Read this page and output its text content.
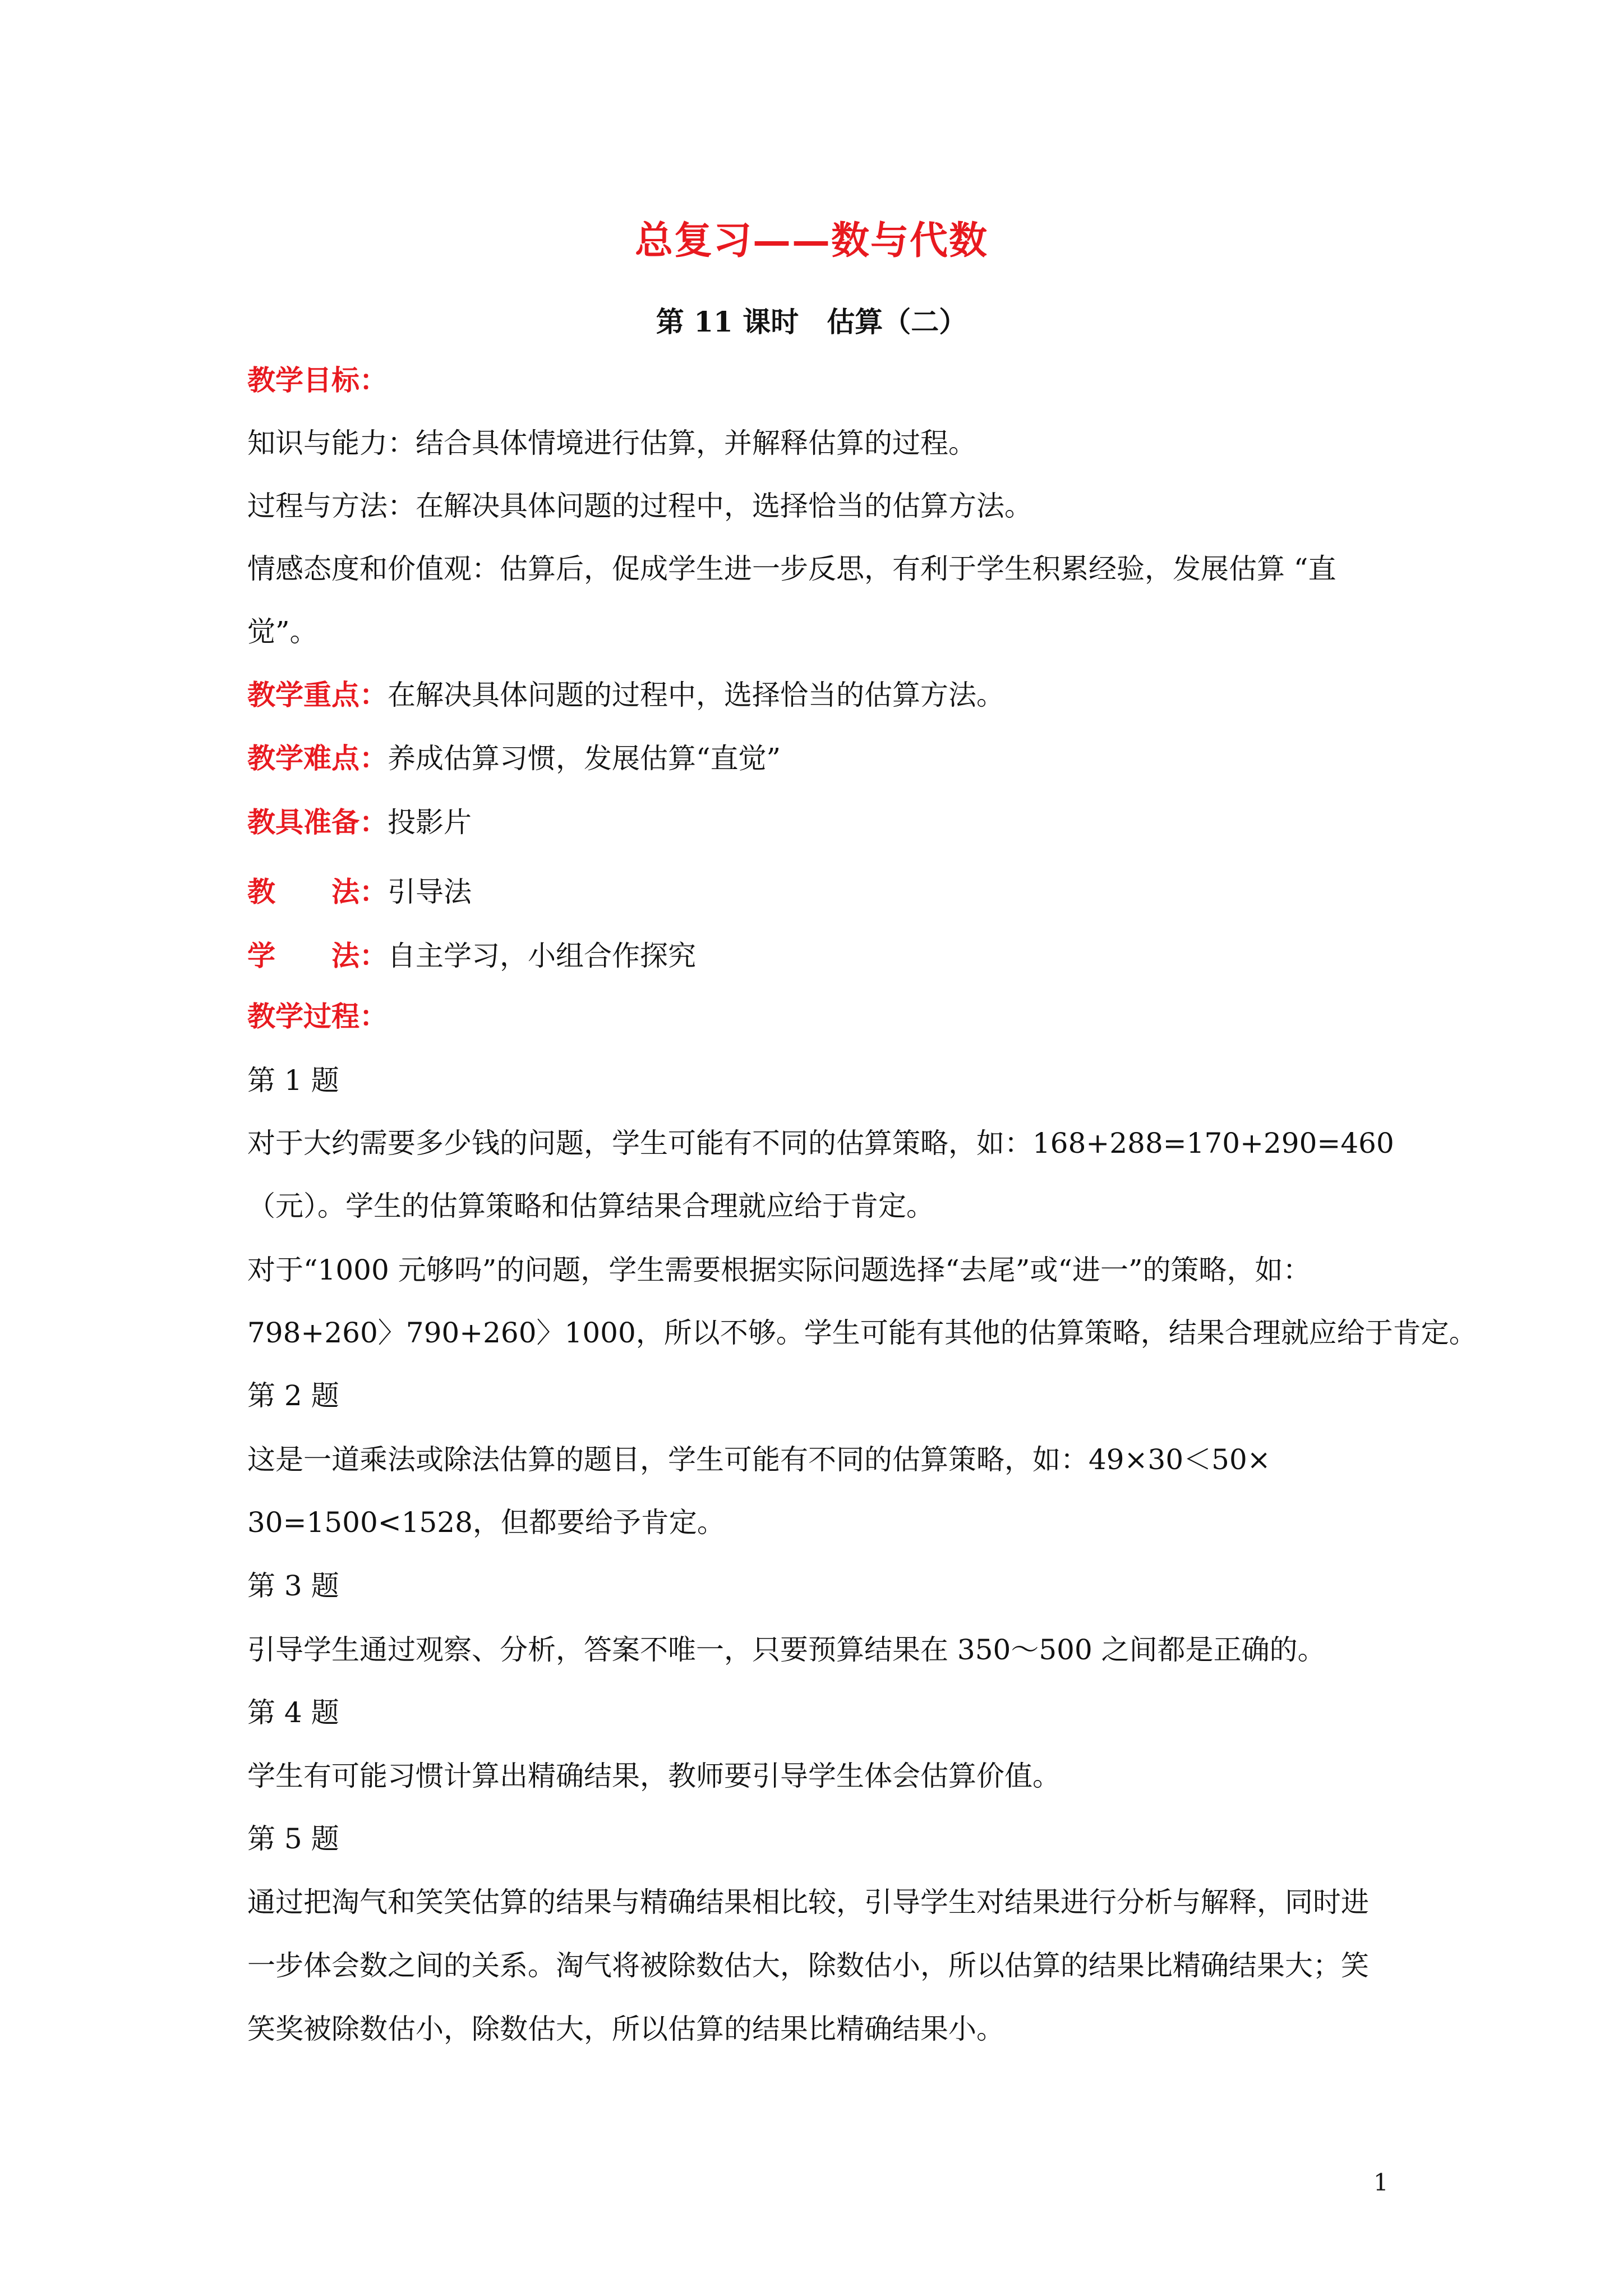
总复习——数与代数
第 11 课时　估算（二）
教学目标：
知识与能力：结合具体情境进行估算，并解释估算的过程。
过程与方法：在解决具体问题的过程中，选择恰当的估算方法。
情感态度和价值观：估算后，促成学生进一步反思，有利于学生积累经验，发展估算 “直
觉”。
教学重点：在解决具体问题的过程中，选择恰当的估算方法。
教学难点：养成估算习惯，发展估算“直觉”
教具准备：投影片
教　　法：引导法
学　　法：自主学习，小组合作探究
教学过程：
第 1 题
对于大约需要多少钱的问题，学生可能有不同的估算策略，如：168+288=170+290=460
（元）。学生的估算策略和估算结果合理就应给于肯定。
对于“1000 元够吗”的问题，学生需要根据实际问题选择“去尾”或“进一”的策略，如：
798+260〉790+260〉1000，所以不够。学生可能有其他的估算策略，结果合理就应给于肯定。
第 2 题
这是一道乘法或除法估算的题目，学生可能有不同的估算策略，如：49×30＜50×
30=1500<1528，但都要给予肯定。
第 3 题
引导学生通过观察、分析，答案不唯一，只要预算结果在 350～500 之间都是正确的。
第 4 题
学生有可能习惯计算出精确结果，教师要引导学生体会估算价值。
第 5 题
通过把淘气和笑笑估算的结果与精确结果相比较，引导学生对结果进行分析与解释，同时进
一步体会数之间的关系。淘气将被除数估大，除数估小，所以估算的结果比精确结果大；笑
笑奖被除数估小，除数估大，所以估算的结果比精确结果小。
1
